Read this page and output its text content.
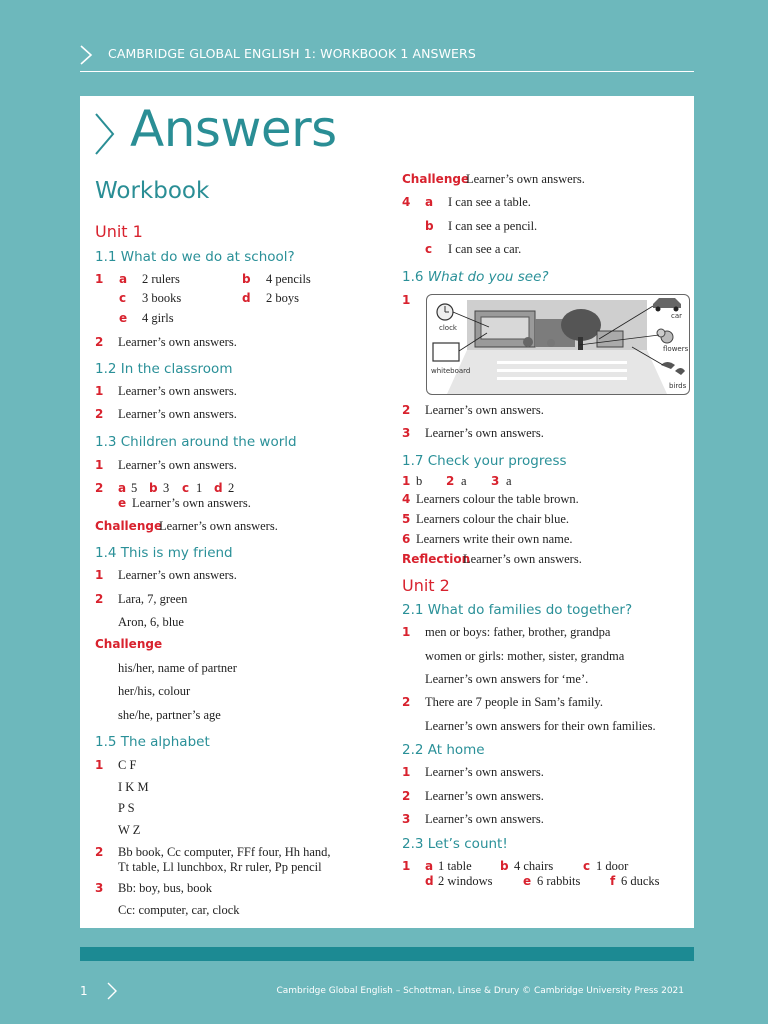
CAMBRIDGE GLOBAL ENGLISH 1: WORKBOOK 1 ANSWERS
Answers
Workbook
Unit 1
1.1 What do we do at school?
1 a 2 rulers	b 4 pencils
c 3 books	d 2 boys
e 4 girls
2 Learner’s own answers.
1.2 In the classroom
1 Learner’s own answers.
2 Learner’s own answers.
1.3 Children around the world
1 Learner’s own answers.
2 a 5 b 3 c 1 d 2
e Learner’s own answers.
Challenge
Learner’s own answers.
1.4 This is my friend
1 Learner’s own answers.
2 Lara, 7, green
Aron, 6, blue
Challenge
his/her, name of partner
her/his, colour
she/he, partner’s age
1.5 The alphabet
1 C F
I K M
P S
W Z
2 Bb book, Cc computer, FFf four, Hh hand,
Tt table, Ll lunchbox, Rr ruler, Pp pencil
3 Bb: boy, bus, book
Cc: computer, car, clock
Challenge
Learner’s own answers.
4 a I can see a table.
b I can see a pencil.
c I can see a car.
1.6 What do you see?
1
clock
whiteboard
car
flowers
birds
2 Learner’s own answers.
3 Learner’s own answers.
1.7 Check your progress
1 b 2 a 3 a
4 Learners colour the table brown.
5 Learners colour the chair blue.
6 Learners write their own name.
Reflection
Learner’s own answers.
Unit 2
2.1 What do families do together?
1 men or boys: father, brother, grandpa
women or girls: mother, sister, grandma
Learner’s own answers for ‘me’.
2 There are 7 people in Sam’s family.
Learner’s own answers for their own families.
2.2 At home
1 Learner’s own answers.
2 Learner’s own answers.
3 Learner’s own answers.
2.3 Let’s count!
1 a 1 table b 4 chairs c 1 door
d 2 windows	e 6 rabbits f 6 ducks
1	Cambridge Global English – Schottman, Linse & Drury © Cambridge University Press 2021
